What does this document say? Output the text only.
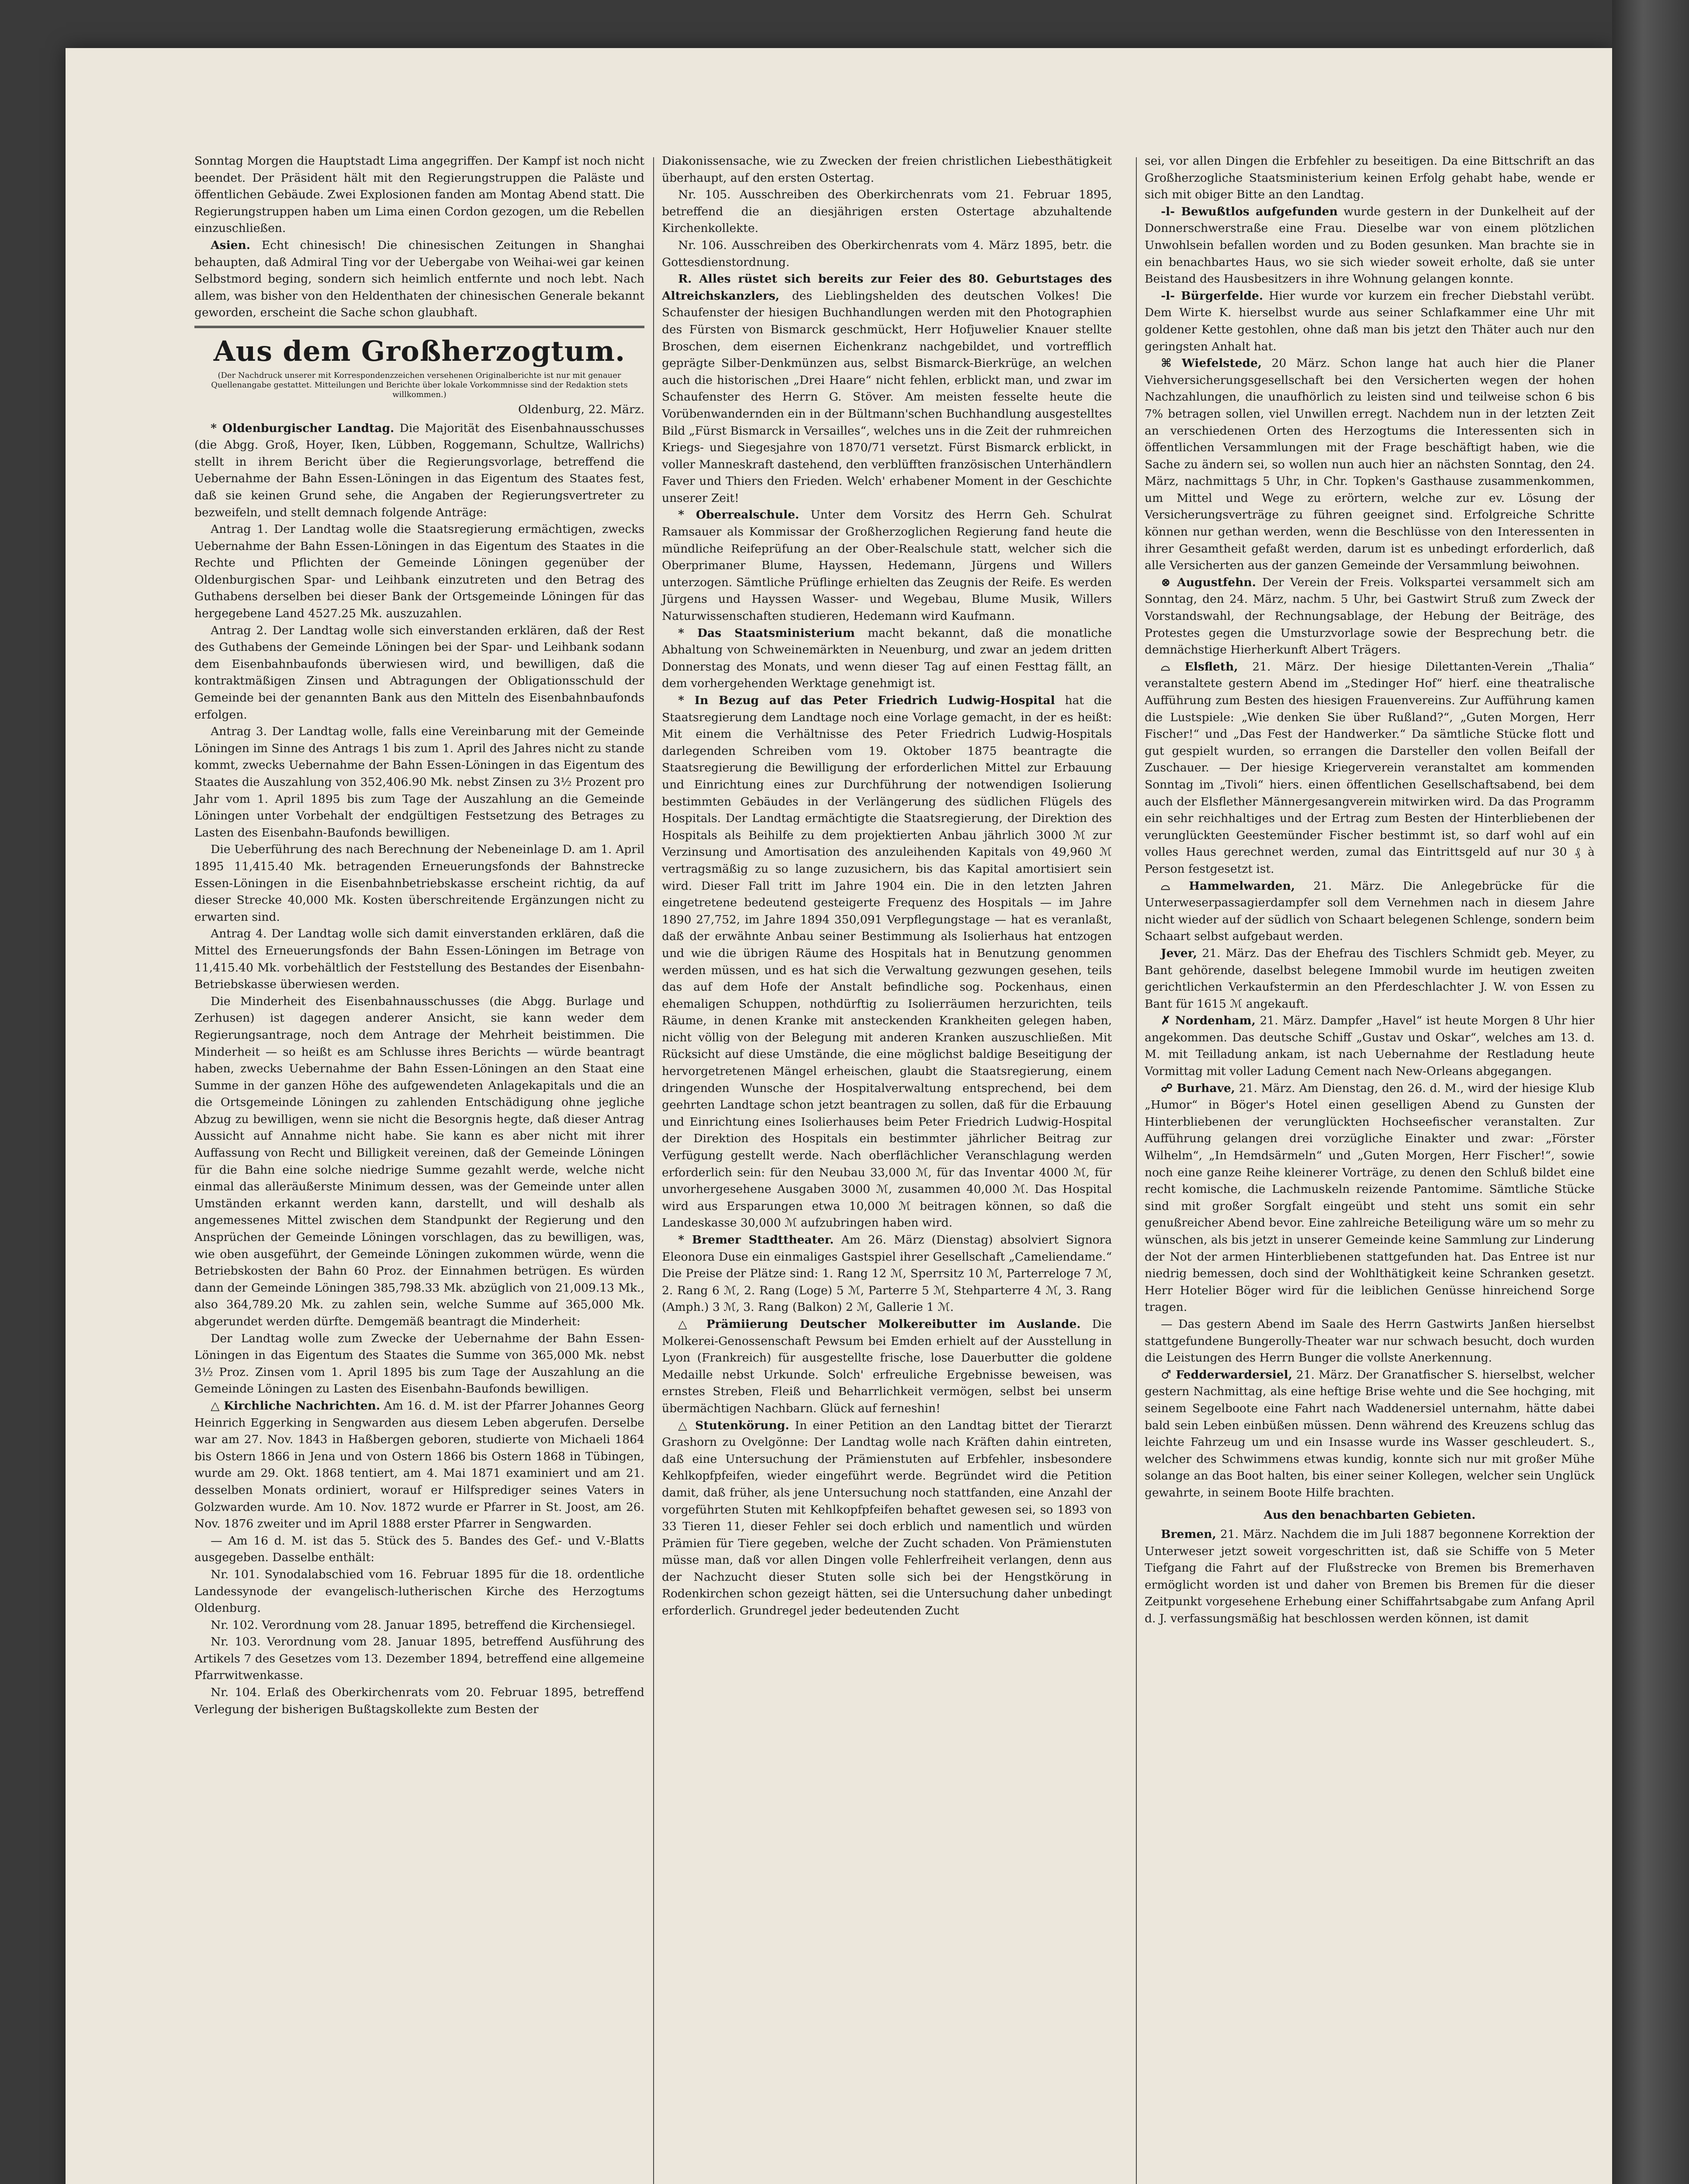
Sonntag Morgen die Hauptstadt Lima angegriffen. Der Kampf ist noch nicht beendet. Der Präsident hält mit den Regierungstruppen die Paläste und öffentlichen Gebäude. Zwei Explosionen fanden am Montag Abend statt. Die Regierungstruppen haben um Lima einen Cordon gezogen, um die Rebellen einzuschließen.

Asien. Echt chinesisch! Die chinesischen Zeitungen in Shanghai behaupten, daß Admiral Ting vor der Uebergabe von Weihai-wei gar keinen Selbstmord beging, sondern sich heimlich entfernte und noch lebt. Nach allem, was bisher von den Heldenthaten der chinesischen Generale bekannt geworden, erscheint die Sache schon glaubhaft.

Aus dem Großherzogtum.
(Der Nachdruck unserer mit Korrespondenzzeichen versehenen Originalberichte ist nur mit genauer Quellenangabe gestattet. Mitteilungen und Berichte über lokale Vorkommnisse sind der Redaktion stets willkommen.)
Oldenburg, 22. März.

* Oldenburgischer Landtag. Die Majorität des Eisenbahnausschusses (die Abgg. Groß, Hoyer, Iken, Lübben, Roggemann, Schultze, Wallrichs) stellt in ihrem Bericht über die Regierungsvorlage, betreffend die Uebernahme der Bahn Essen-Löningen in das Eigentum des Staates fest, daß sie keinen Grund sehe, die Angaben der Regierungsvertreter zu bezweifeln, und stellt demnach folgende Anträge:

Antrag 1. Der Landtag wolle die Staatsregierung ermächtigen, zwecks Uebernahme der Bahn Essen-Löningen in das Eigentum des Staates in die Rechte und Pflichten der Gemeinde Löningen gegenüber der Oldenburgischen Spar- und Leihbank einzutreten und den Betrag des Guthabens derselben bei dieser Bank der Ortsgemeinde Löningen für das hergegebene Land 4527.25 Mk. auszuzahlen.

Antrag 2. Der Landtag wolle sich einverstanden erklären, daß der Rest des Guthabens der Gemeinde Löningen bei der Spar- und Leihbank sodann dem Eisenbahnbaufonds überwiesen wird, und bewilligen, daß die kontraktmäßigen Zinsen und Abtragungen der Obligationsschuld der Gemeinde bei der genannten Bank aus den Mitteln des Eisenbahnbaufonds erfolgen.

Antrag 3. Der Landtag wolle, falls eine Vereinbarung mit der Gemeinde Löningen im Sinne des Antrags 1 bis zum 1. April des Jahres nicht zu stande kommt, zwecks Uebernahme der Bahn Essen-Löningen in das Eigentum des Staates die Auszahlung von 352,406.90 Mk. nebst Zinsen zu 3½ Prozent pro Jahr vom 1. April 1895 bis zum Tage der Auszahlung an die Gemeinde Löningen unter Vorbehalt der endgültigen Festsetzung des Betrages zu Lasten des Eisenbahn-Baufonds bewilligen.

Die Ueberführung des nach Berechnung der Nebeneinlage D. am 1. April 1895 11,415.40 Mk. betragenden Erneuerungsfonds der Bahnstrecke Essen-Löningen in die Eisenbahnbetriebskasse erscheint richtig, da auf dieser Strecke 40,000 Mk. Kosten überschreitende Ergänzungen nicht zu erwarten sind.

Antrag 4. Der Landtag wolle sich damit einverstanden erklären, daß die Mittel des Erneuerungsfonds der Bahn Essen-Löningen im Betrage von 11,415.40 Mk. vorbehältlich der Feststellung des Bestandes der Eisenbahn-Betriebskasse überwiesen werden.

Die Minderheit des Eisenbahnausschusses (die Abgg. Burlage und Zerhusen) ist dagegen anderer Ansicht, sie kann weder dem Regierungsantrage, noch dem Antrage der Mehrheit beistimmen. Die Minderheit — so heißt es am Schlusse ihres Berichts — würde beantragt haben, zwecks Uebernahme der Bahn Essen-Löningen an den Staat eine Summe in der ganzen Höhe des aufgewendeten Anlagekapitals und die an die Ortsgemeinde Löningen zu zahlenden Entschädigung ohne jegliche Abzug zu bewilligen, wenn sie nicht die Besorgnis hegte, daß dieser Antrag Aussicht auf Annahme nicht habe. Sie kann es aber nicht mit ihrer Auffassung von Recht und Billigkeit vereinen, daß der Gemeinde Löningen für die Bahn eine solche niedrige Summe gezahlt werde, welche nicht einmal das alleräußerste Minimum dessen, was der Gemeinde unter allen Umständen erkannt werden kann, darstellt, und will deshalb als angemessenes Mittel zwischen dem Standpunkt der Regierung und den Ansprüchen der Gemeinde Löningen vorschlagen, das zu bewilligen, was, wie oben ausgeführt, der Gemeinde Löningen zukommen würde, wenn die Betriebskosten der Bahn 60 Proz. der Einnahmen betrügen. Es würden dann der Gemeinde Löningen 385,798.33 Mk. abzüglich von 21,009.13 Mk., also 364,789.20 Mk. zu zahlen sein, welche Summe auf 365,000 Mk. abgerundet werden dürfte. Demgemäß beantragt die Minderheit:

Der Landtag wolle zum Zwecke der Uebernahme der Bahn Essen-Löningen in das Eigentum des Staates die Summe von 365,000 Mk. nebst 3½ Proz. Zinsen vom 1. April 1895 bis zum Tage der Auszahlung an die Gemeinde Löningen zu Lasten des Eisenbahn-Baufonds bewilligen.

△ Kirchliche Nachrichten. Am 16. d. M. ist der Pfarrer Johannes Georg Heinrich Eggerking in Sengwarden aus diesem Leben abgerufen. Derselbe war am 27. Nov. 1843 in Haßbergen geboren, studierte von Michaeli 1864 bis Ostern 1866 in Jena und von Ostern 1866 bis Ostern 1868 in Tübingen, wurde am 29. Okt. 1868 tentiert, am 4. Mai 1871 examiniert und am 21. desselben Monats ordiniert, worauf er Hilfsprediger seines Vaters in Golzwarden wurde. Am 10. Nov. 1872 wurde er Pfarrer in St. Joost, am 26. Nov. 1876 zweiter und im April 1888 erster Pfarrer in Sengwarden.

— Am 16 d. M. ist das 5. Stück des 5. Bandes des Gef.- und V.-Blatts ausgegeben. Dasselbe enthält:

Nr. 101. Synodalabschied vom 16. Februar 1895 für die 18. ordentliche Landessynode der evangelisch-lutherischen Kirche des Herzogtums Oldenburg.

Nr. 102. Verordnung vom 28. Januar 1895, betreffend die Kirchensiegel.

Nr. 103. Verordnung vom 28. Januar 1895, betreffend Ausführung des Artikels 7 des Gesetzes vom 13. Dezember 1894, betreffend eine allgemeine Pfarrwitwenkasse.

Nr. 104. Erlaß des Oberkirchenrats vom 20. Februar 1895, betreffend Verlegung der bisherigen Bußtagskollekte zum Besten der

Diakonissensache, wie zu Zwecken der freien christlichen Liebesthätigkeit überhaupt, auf den ersten Ostertag.

Nr. 105. Ausschreiben des Oberkirchenrats vom 21. Februar 1895, betreffend die an diesjährigen ersten Ostertage abzuhaltende Kirchenkollekte.

Nr. 106. Ausschreiben des Oberkirchenrats vom 4. März 1895, betr. die Gottesdienstordnung.

R. Alles rüstet sich bereits zur Feier des 80. Geburtstages des Altreichskanzlers, des Lieblingshelden des deutschen Volkes! Die Schaufenster der hiesigen Buchhandlungen werden mit den Photographien des Fürsten von Bismarck geschmückt, Herr Hofjuwelier Knauer stellte Broschen, dem eisernen Eichenkranz nachgebildet, und vortrefflich geprägte Silber-Denkmünzen aus, selbst Bismarck-Bierkrüge, an welchen auch die historischen „Drei Haare“ nicht fehlen, erblickt man, und zwar im Schaufenster des Herrn G. Stöver. Am meisten fesselte heute die Vorübenwandernden ein in der Bültmann'schen Buchhandlung ausgestelltes Bild „Fürst Bismarck in Versailles“, welches uns in die Zeit der ruhmreichen Kriegs- und Siegesjahre von 1870/71 versetzt. Fürst Bismarck erblickt, in voller Manneskraft dastehend, den verblüfften französischen Unterhändlern Faver und Thiers den Frieden. Welch' erhabener Moment in der Geschichte unserer Zeit!

* Oberrealschule. Unter dem Vorsitz des Herrn Geh. Schulrat Ramsauer als Kommissar der Großherzoglichen Regierung fand heute die mündliche Reifeprüfung an der Ober-Realschule statt, welcher sich die Oberprimaner Blume, Hayssen, Hedemann, Jürgens und Willers unterzogen. Sämtliche Prüflinge erhielten das Zeugnis der Reife. Es werden Jürgens und Hayssen Wasser- und Wegebau, Blume Musik, Willers Naturwissenschaften studieren, Hedemann wird Kaufmann.

* Das Staatsministerium macht bekannt, daß die monatliche Abhaltung von Schweinemärkten in Neuenburg, und zwar an jedem dritten Donnerstag des Monats, und wenn dieser Tag auf einen Festtag fällt, an dem vorhergehenden Werktage genehmigt ist.

* In Bezug auf das Peter Friedrich Ludwig-Hospital hat die Staatsregierung dem Landtage noch eine Vorlage gemacht, in der es heißt: Mit einem die Verhältnisse des Peter Friedrich Ludwig-Hospitals darlegenden Schreiben vom 19. Oktober 1875 beantragte die Staatsregierung die Bewilligung der erforderlichen Mittel zur Erbauung und Einrichtung eines zur Durchführung der notwendigen Isolierung bestimmten Gebäudes in der Verlängerung des südlichen Flügels des Hospitals. Der Landtag ermächtigte die Staatsregierung, der Direktion des Hospitals als Beihilfe zu dem projektierten Anbau jährlich 3000 ℳ zur Verzinsung und Amortisation des anzuleihenden Kapitals von 49,960 ℳ vertragsmäßig zu so lange zuzusichern, bis das Kapital amortisiert sein wird. Dieser Fall tritt im Jahre 1904 ein. Die in den letzten Jahren eingetretene bedeutend gesteigerte Frequenz des Hospitals — im Jahre 1890 27,752, im Jahre 1894 350,091 Verpflegungstage — hat es veranlaßt, daß der erwähnte Anbau seiner Bestimmung als Isolierhaus hat entzogen und wie die übrigen Räume des Hospitals hat in Benutzung genommen werden müssen, und es hat sich die Verwaltung gezwungen gesehen, teils das auf dem Hofe der Anstalt befindliche sog. Pockenhaus, einen ehemaligen Schuppen, nothdürftig zu Isolierräumen herzurichten, teils Räume, in denen Kranke mit ansteckenden Krankheiten gelegen haben, nicht völlig von der Belegung mit anderen Kranken auszuschließen. Mit Rücksicht auf diese Umstände, die eine möglichst baldige Beseitigung der hervorgetretenen Mängel erheischen, glaubt die Staatsregierung, einem dringenden Wunsche der Hospitalverwaltung entsprechend, bei dem geehrten Landtage schon jetzt beantragen zu sollen, daß für die Erbauung und Einrichtung eines Isolierhauses beim Peter Friedrich Ludwig-Hospital der Direktion des Hospitals ein bestimmter jährlicher Beitrag zur Verfügung gestellt werde. Nach oberflächlicher Veranschlagung werden erforderlich sein: für den Neubau 33,000 ℳ, für das Inventar 4000 ℳ, für unvorhergesehene Ausgaben 3000 ℳ, zusammen 40,000 ℳ. Das Hospital wird aus Ersparungen etwa 10,000 ℳ beitragen können, so daß die Landeskasse 30,000 ℳ aufzubringen haben wird.

* Bremer Stadttheater. Am 26. März (Dienstag) absolviert Signora Eleonora Duse ein einmaliges Gastspiel ihrer Gesellschaft „Cameliendame.“ Die Preise der Plätze sind: 1. Rang 12 ℳ, Sperrsitz 10 ℳ, Parterreloge 7 ℳ, 2. Rang 6 ℳ, 2. Rang (Loge) 5 ℳ, Parterre 5 ℳ, Stehparterre 4 ℳ, 3. Rang (Amph.) 3 ℳ, 3. Rang (Balkon) 2 ℳ, Gallerie 1 ℳ.

△ Prämiierung Deutscher Molkereibutter im Auslande. Die Molkerei-Genossenschaft Pewsum bei Emden erhielt auf der Ausstellung in Lyon (Frankreich) für ausgestellte frische, lose Dauerbutter die goldene Medaille nebst Urkunde. Solch' erfreuliche Ergebnisse beweisen, was ernstes Streben, Fleiß und Beharrlichkeit vermögen, selbst bei unserm übermächtigen Nachbarn. Glück auf ferneshin!

△ Stutenkörung. In einer Petition an den Landtag bittet der Tierarzt Grashorn zu Ovelgönne: Der Landtag wolle nach Kräften dahin eintreten, daß eine Untersuchung der Prämienstuten auf Erbfehler, insbesondere Kehlkopfpfeifen, wieder eingeführt werde. Begründet wird die Petition damit, daß früher, als jene Untersuchung noch stattfanden, eine Anzahl der vorgeführten Stuten mit Kehlkopfpfeifen behaftet gewesen sei, so 1893 von 33 Tieren 11, dieser Fehler sei doch erblich und namentlich und würden Prämien für Tiere gegeben, welche der Zucht schaden. Von Prämienstuten müsse man, daß vor allen Dingen volle Fehlerfreiheit verlangen, denn aus der Nachzucht dieser Stuten solle sich bei der Hengstkörung in Rodenkirchen schon gezeigt hätten, sei die Untersuchung daher unbedingt erforderlich. Grundregel jeder bedeutenden Zucht

sei, vor allen Dingen die Erbfehler zu beseitigen. Da eine Bittschrift an das Großherzogliche Staatsministerium keinen Erfolg gehabt habe, wende er sich mit obiger Bitte an den Landtag.

-l- Bewußtlos aufgefunden wurde gestern in der Dunkelheit auf der Donnerschwerstraße eine Frau. Dieselbe war von einem plötzlichen Unwohlsein befallen worden und zu Boden gesunken. Man brachte sie in ein benachbartes Haus, wo sie sich wieder soweit erholte, daß sie unter Beistand des Hausbesitzers in ihre Wohnung gelangen konnte.

-l- Bürgerfelde. Hier wurde vor kurzem ein frecher Diebstahl verübt. Dem Wirte K. hierselbst wurde aus seiner Schlafkammer eine Uhr mit goldener Kette gestohlen, ohne daß man bis jetzt den Thäter auch nur den geringsten Anhalt hat.

⌘ Wiefelstede, 20 März. Schon lange hat auch hier die Planer Viehversicherungsgesellschaft bei den Versicherten wegen der hohen Nachzahlungen, die unaufhörlich zu leisten sind und teilweise schon 6 bis 7% betragen sollen, viel Unwillen erregt. Nachdem nun in der letzten Zeit an verschiedenen Orten des Herzogtums die Interessenten sich in öffentlichen Versammlungen mit der Frage beschäftigt haben, wie die Sache zu ändern sei, so wollen nun auch hier an nächsten Sonntag, den 24. März, nachmittags 5 Uhr, in Chr. Topken's Gasthause zusammenkommen, um Mittel und Wege zu erörtern, welche zur ev. Lösung der Versicherungsverträge zu führen geeignet sind. Erfolgreiche Schritte können nur gethan werden, wenn die Beschlüsse von den Interessenten in ihrer Gesamtheit gefaßt werden, darum ist es unbedingt erforderlich, daß alle Versicherten aus der ganzen Gemeinde der Versammlung beiwohnen.

⊗ Augustfehn. Der Verein der Freis. Volkspartei versammelt sich am Sonntag, den 24. März, nachm. 5 Uhr, bei Gastwirt Struß zum Zweck der Vorstandswahl, der Rechnungsablage, der Hebung der Beiträge, des Protestes gegen die Umsturzvorlage sowie der Besprechung betr. die demnächstige Hierherkunft Albert Trägers.

⌓ Elsfleth, 21. März. Der hiesige Dilettanten-Verein „Thalia“ veranstaltete gestern Abend im „Stedinger Hof“ hierf. eine theatralische Aufführung zum Besten des hiesigen Frauenvereins. Zur Aufführung kamen die Lustspiele: „Wie denken Sie über Rußland?“, „Guten Morgen, Herr Fischer!“ und „Das Fest der Handwerker.“ Da sämtliche Stücke flott und gut gespielt wurden, so errangen die Darsteller den vollen Beifall der Zuschauer. — Der hiesige Kriegerverein veranstaltet am kommenden Sonntag im „Tivoli“ hiers. einen öffentlichen Gesellschaftsabend, bei dem auch der Elsflether Männergesangverein mitwirken wird. Da das Programm ein sehr reichhaltiges und der Ertrag zum Besten der Hinterbliebenen der verunglückten Geestemünder Fischer bestimmt ist, so darf wohl auf ein volles Haus gerechnet werden, zumal das Eintrittsgeld auf nur 30 ₰ à Person festgesetzt ist.

⌓ Hammelwarden, 21. März. Die Anlegebrücke für die Unterweserpassagierdampfer soll dem Vernehmen nach in diesem Jahre nicht wieder auf der südlich von Schaart belegenen Schlenge, sondern beim Schaart selbst aufgebaut werden.

Jever, 21. März. Das der Ehefrau des Tischlers Schmidt geb. Meyer, zu Bant gehörende, daselbst belegene Immobil wurde im heutigen zweiten gerichtlichen Verkaufstermin an den Pferdeschlachter J. W. von Essen zu Bant für 1615 ℳ angekauft.

✗ Nordenham, 21. März. Dampfer „Havel“ ist heute Morgen 8 Uhr hier angekommen. Das deutsche Schiff „Gustav und Oskar“, welches am 13. d. M. mit Teilladung ankam, ist nach Uebernahme der Restladung heute Vormittag mit voller Ladung Cement nach New-Orleans abgegangen.

☍ Burhave, 21. März. Am Dienstag, den 26. d. M., wird der hiesige Klub „Humor“ in Böger's Hotel einen geselligen Abend zu Gunsten der Hinterbliebenen der verunglückten Hochseefischer veranstalten. Zur Aufführung gelangen drei vorzügliche Einakter und zwar: „Förster Wilhelm“, „In Hemdsärmeln“ und „Guten Morgen, Herr Fischer!“, sowie noch eine ganze Reihe kleinerer Vorträge, zu denen den Schluß bildet eine recht komische, die Lachmuskeln reizende Pantomime. Sämtliche Stücke sind mit großer Sorgfalt eingeübt und steht uns somit ein sehr genußreicher Abend bevor. Eine zahlreiche Beteiligung wäre um so mehr zu wünschen, als bis jetzt in unserer Gemeinde keine Sammlung zur Linderung der Not der armen Hinterbliebenen stattgefunden hat. Das Entree ist nur niedrig bemessen, doch sind der Wohlthätigkeit keine Schranken gesetzt. Herr Hotelier Böger wird für die leiblichen Genüsse hinreichend Sorge tragen.

— Das gestern Abend im Saale des Herrn Gastwirts Janßen hierselbst stattgefundene Bungerolly-Theater war nur schwach besucht, doch wurden die Leistungen des Herrn Bunger die vollste Anerkennung.

♂ Fedderwardersiel, 21. März. Der Granatfischer S. hierselbst, welcher gestern Nachmittag, als eine heftige Brise wehte und die See hochging, mit seinem Segelboote eine Fahrt nach Waddenersiel unternahm, hätte dabei bald sein Leben einbüßen müssen. Denn während des Kreuzens schlug das leichte Fahrzeug um und ein Insasse wurde ins Wasser geschleudert. S., welcher des Schwimmens etwas kundig, konnte sich nur mit großer Mühe solange an das Boot halten, bis einer seiner Kollegen, welcher sein Unglück gewahrte, in seinem Boote Hilfe brachten.

Aus den benachbarten Gebieten.

Bremen, 21. März. Nachdem die im Juli 1887 begonnene Korrektion der Unterweser jetzt soweit vorgeschritten ist, daß sie Schiffe von 5 Meter Tiefgang die Fahrt auf der Flußstrecke von Bremen bis Bremerhaven ermöglicht worden ist und daher von Bremen bis Bremen für die dieser Zeitpunkt vorgesehene Erhebung einer Schiffahrtsabgabe zum Anfang April d. J. verfassungsmäßig hat beschlossen werden können, ist damit
